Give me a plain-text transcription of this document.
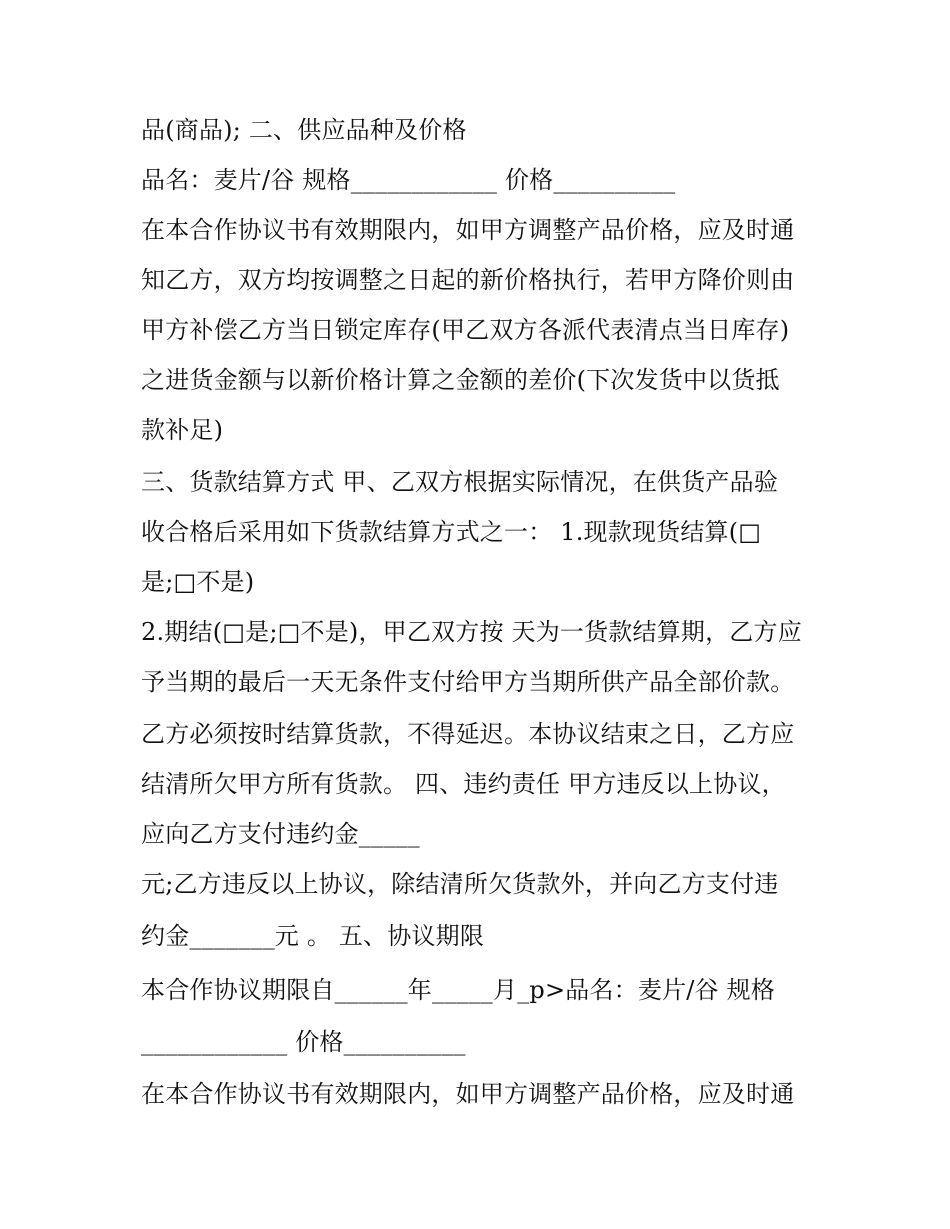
品(商品); 二、供应品种及价格
品名：麦片/谷 规格____________ 价格__________
在本合作协议书有效期限内，如甲方调整产品价格，应及时通
知乙方，双方均按调整之日起的新价格执行，若甲方降价则由
甲方补偿乙方当日锁定库存(甲乙双方各派代表清点当日库存)
之进货金额与以新价格计算之金额的差价(下次发货中以货抵
款补足)
三、货款结算方式 甲、乙双方根据实际情况，在供货产品验
收合格后采用如下货款结算方式之一： 1.现款现货结算(□
是;□不是)
2.期结(□是;□不是)，甲乙双方按 天为一货款结算期，乙方应
予当期的最后一天无条件支付给甲方当期所供产品全部价款。
乙方必须按时结算货款，不得延迟。本协议结束之日，乙方应
结清所欠甲方所有货款。 四、违约责任 甲方违反以上协议，
应向乙方支付违约金_____
元;乙方违反以上协议，除结清所欠货款外，并向乙方支付违
约金_______元 。 五、协议期限
本合作协议期限自______年_____月_p>品名：麦片/谷 规格
____________ 价格__________
在本合作协议书有效期限内，如甲方调整产品价格，应及时通
